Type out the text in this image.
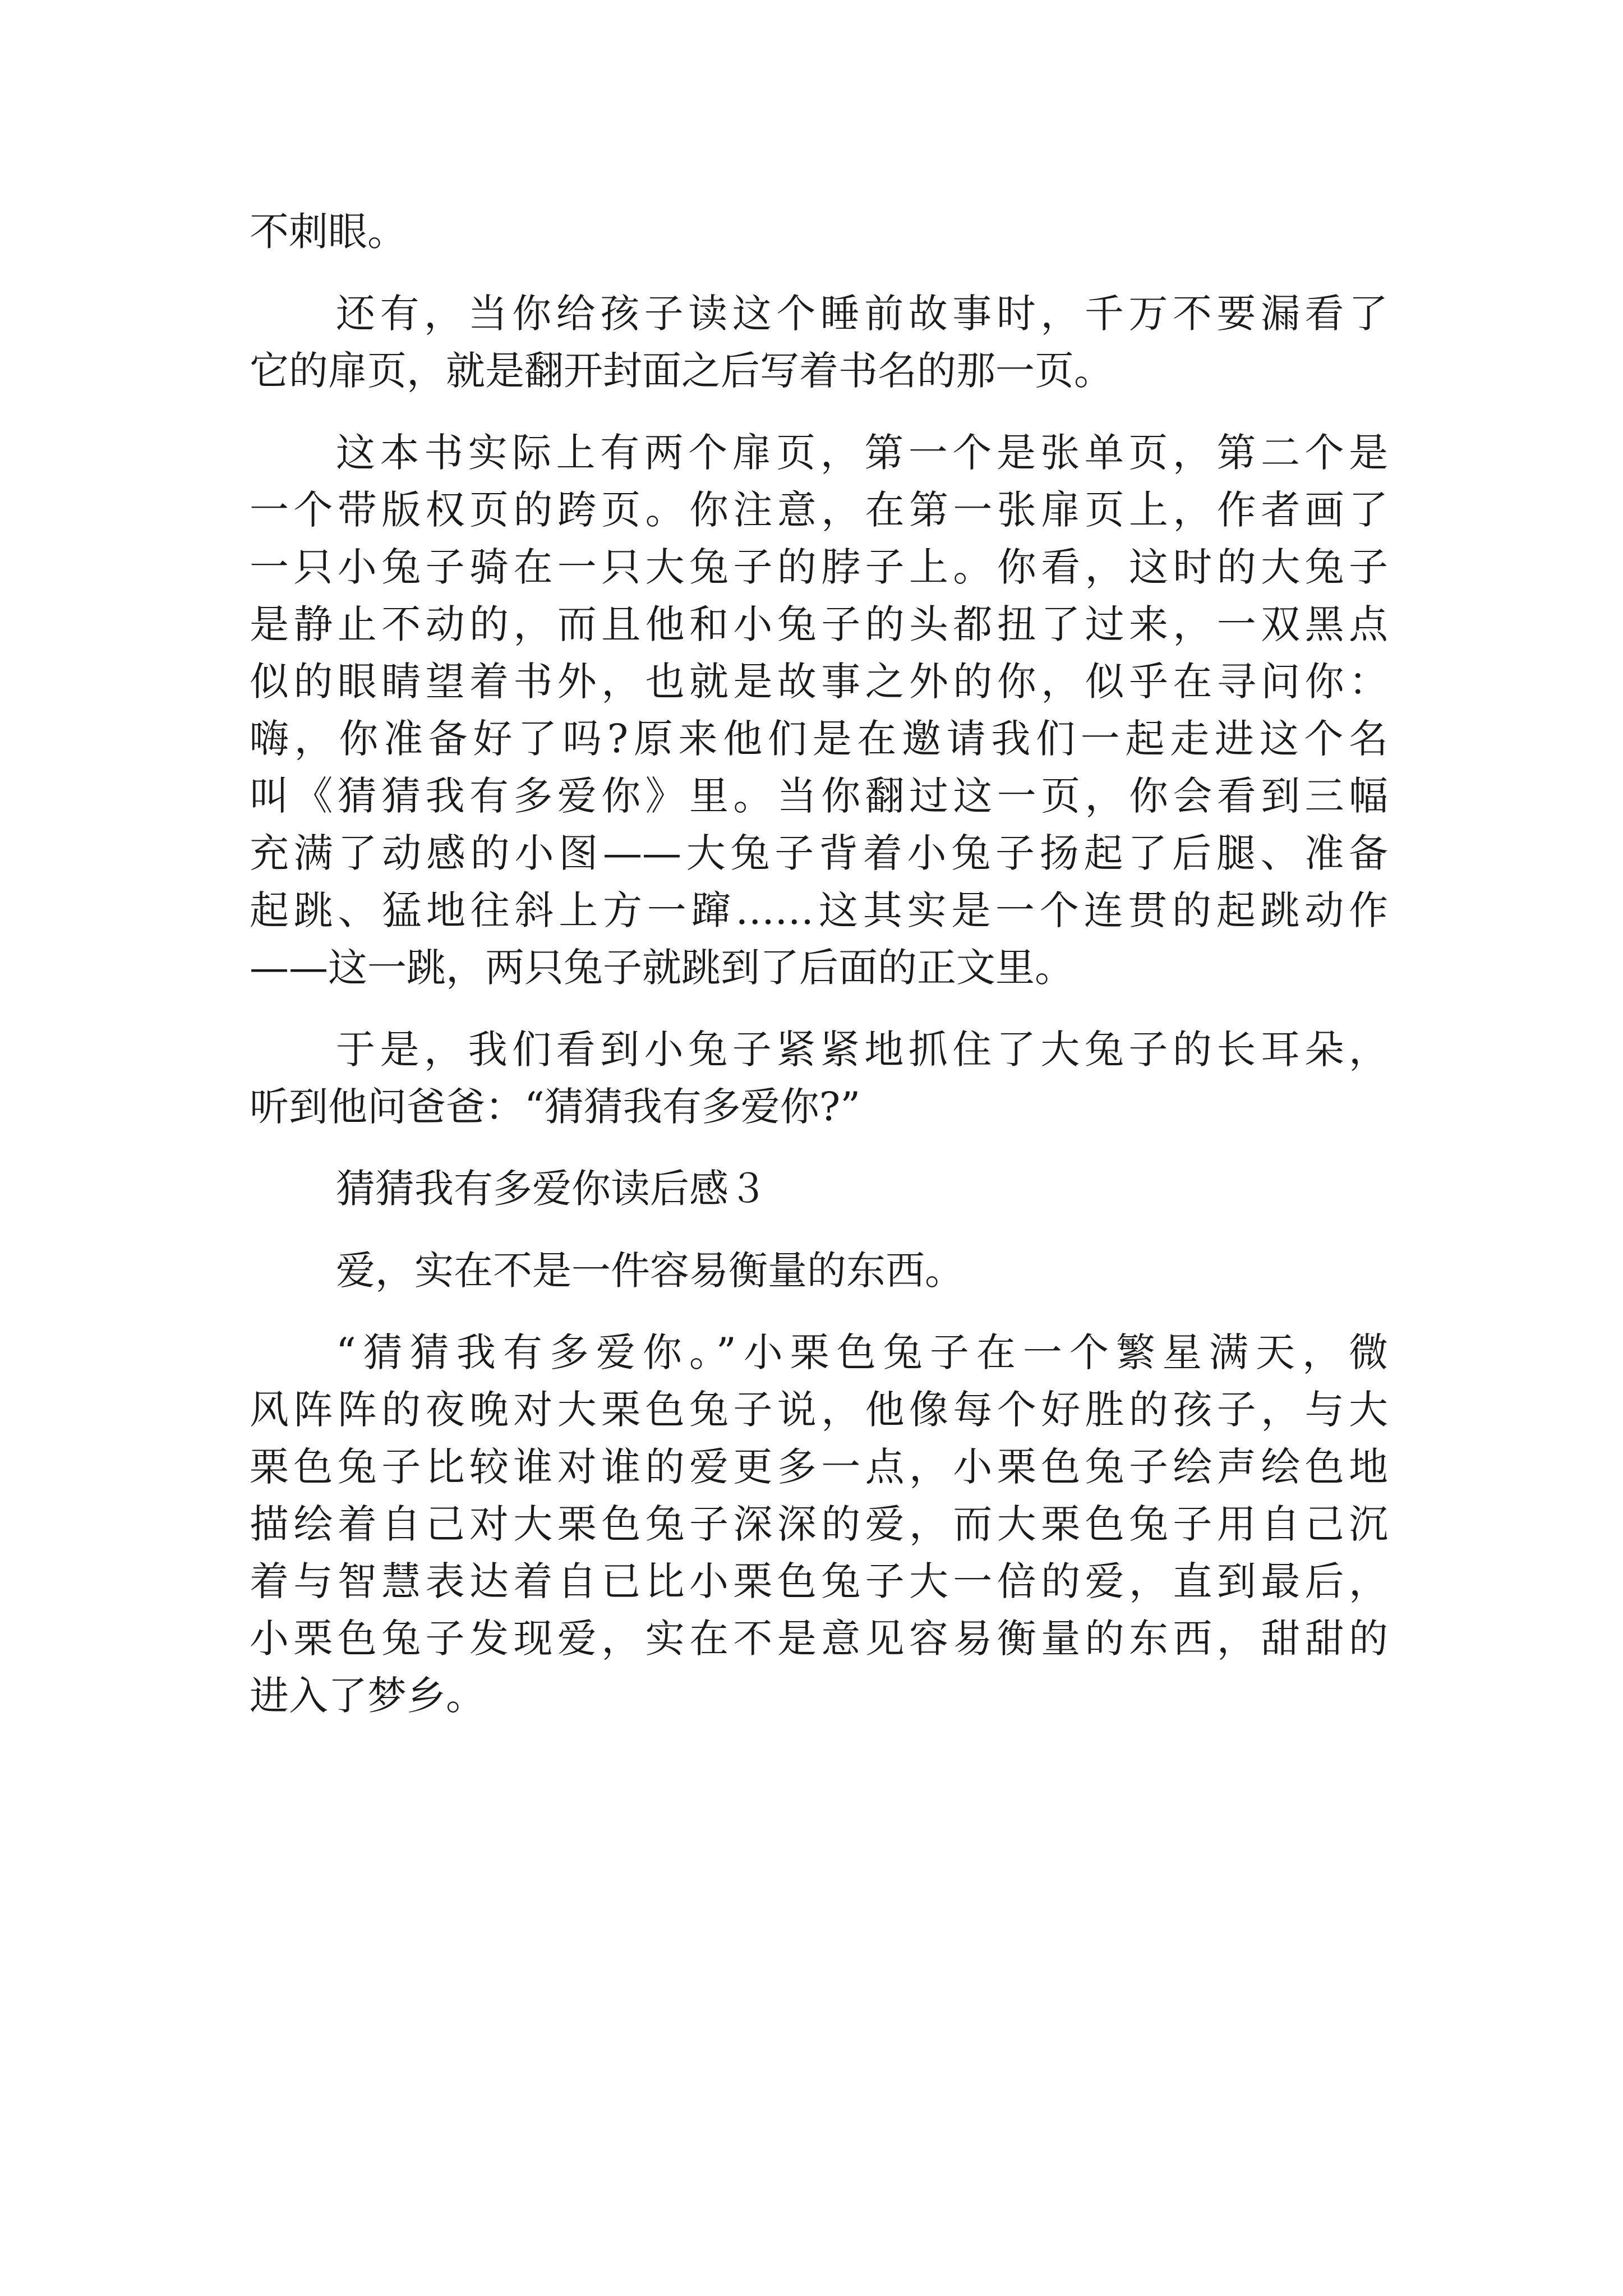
不刺眼。

还有，当你给孩子读这个睡前故事时，千万不要漏看了
它的扉页，就是翻开封面之后写着书名的那一页。

这本书实际上有两个扉页，第一个是张单页，第二个是
一个带版权页的跨页。你注意，在第一张扉页上，作者画了
一只小兔子骑在一只大兔子的脖子上。你看，这时的大兔子
是静止不动的，而且他和小兔子的头都扭了过来，一双黑点
似的眼睛望着书外，也就是故事之外的你，似乎在寻问你：
嗨，你准备好了吗?原来他们是在邀请我们一起走进这个名
叫《猜猜我有多爱你》里。当你翻过这一页，你会看到三幅
充满了动感的小图——大兔子背着小兔子扬起了后腿、准备
起跳、猛地往斜上方一蹿……这其实是一个连贯的起跳动作
——这一跳，两只兔子就跳到了后面的正文里。

于是，我们看到小兔子紧紧地抓住了大兔子的长耳朵，
听到他问爸爸：“猜猜我有多爱你?”

猜猜我有多爱你读后感３

爱，实在不是一件容易衡量的东西。

“猜猜我有多爱你。”小栗色兔子在一个繁星满天，微
风阵阵的夜晚对大栗色兔子说，他像每个好胜的孩子，与大
栗色兔子比较谁对谁的爱更多一点，小栗色兔子绘声绘色地
描绘着自己对大栗色兔子深深的爱，而大栗色兔子用自己沉
着与智慧表达着自已比小栗色兔子大一倍的爱，直到最后，
小栗色兔子发现爱，实在不是意见容易衡量的东西，甜甜的
进入了梦乡。
